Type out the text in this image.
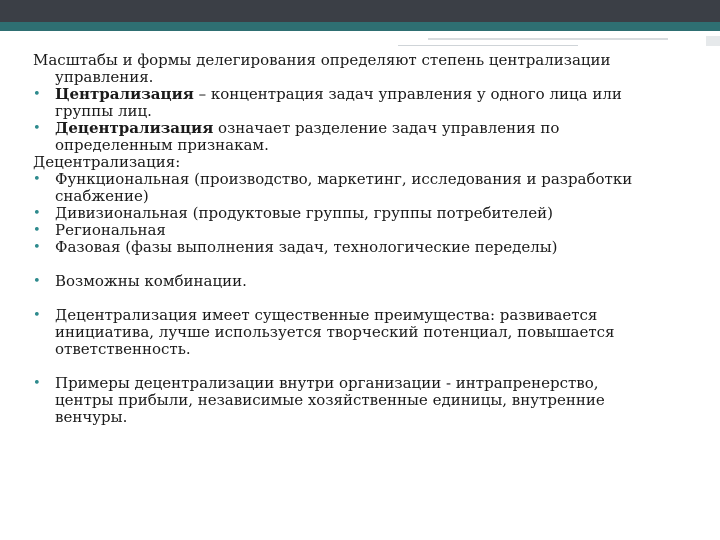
Масштабы и формы делегирования определяют степень централизации

управления.

• Централизация – концентрация задач управления у одного лица или

группы лиц.

• Децентрализация означает разделение задач управления по

определенным признакам.

Децентрализация:

• Функциональная (производство, маркетинг, исследования и разработки

снабжение)

• Дивизиональная (продуктовые группы, группы потребителей)
• Региональная
• Фазовая (фазы выполнения задач, технологические переделы)
• Возможны комбинации.
• Децентрализация имеет существенные преимущества: развивается

инициатива, лучше используется творческий потенциал, повышается

ответственность.

• Примеры децентрализации внутри организации - интрапренерство,

центры прибыли, независимые хозяйственные единицы, внутренние

венчуры.
